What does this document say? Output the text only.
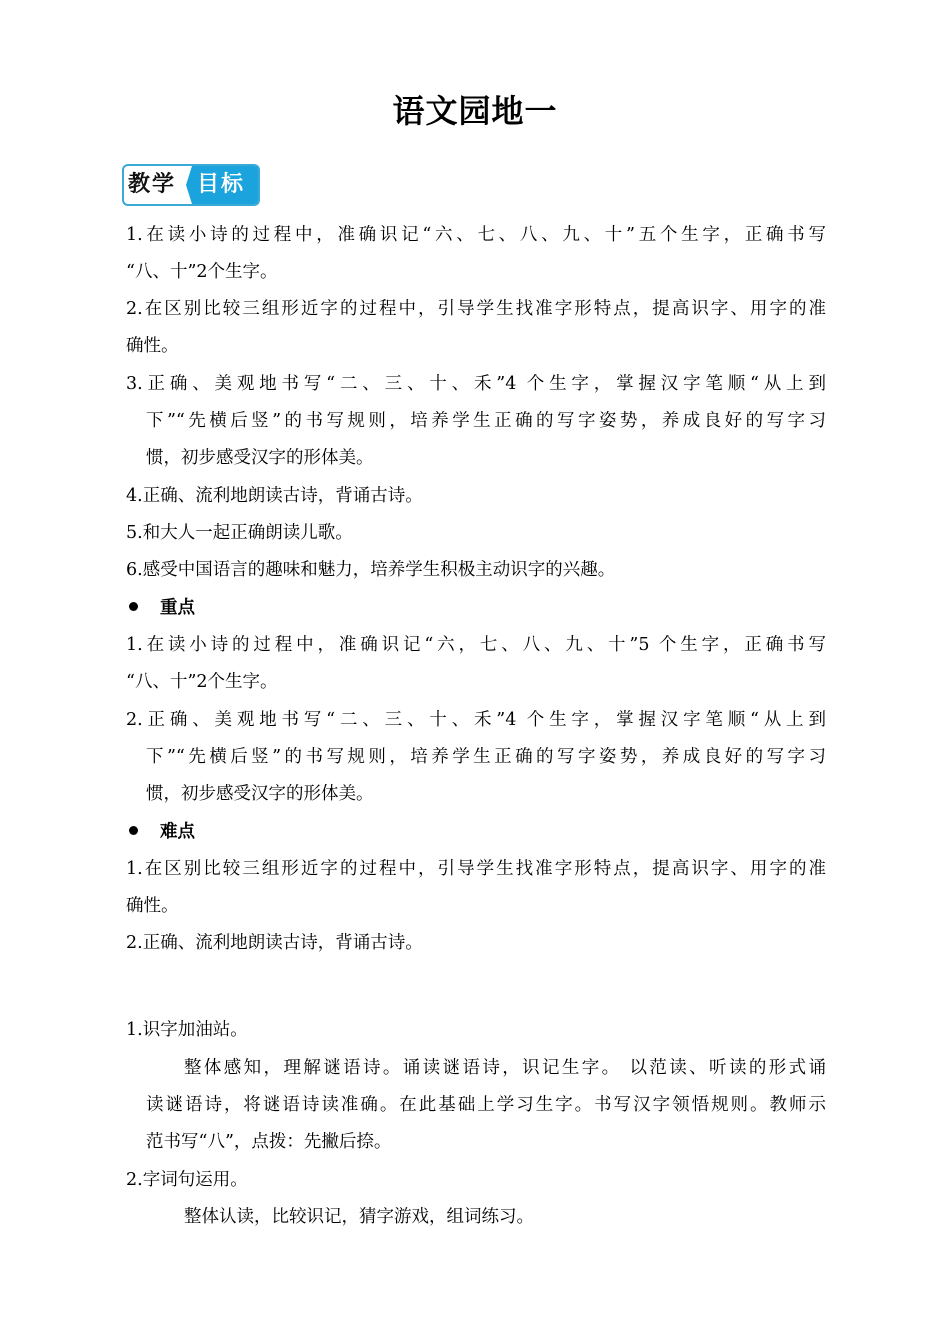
语文园地一
教学 目标
1.在读小诗的过程中，准确识记“六、七、八、九、十”五个生字，正确书写
“八、十”2个生字。
2.在区别比较三组形近字的过程中，引导学生找准字形特点，提高识字、用字的准
确性。
3.正确、美观地书写“二、三、十、禾”4 个生字，掌握汉字笔顺“从上到
下”“先横后竖”的书写规则，培养学生正确的写字姿势，养成良好的写字习
惯，初步感受汉字的形体美。
4.正确、流利地朗读古诗，背诵古诗。
5.和大人一起正确朗读儿歌。
6.感受中国语言的趣味和魅力，培养学生积极主动识字的兴趣。
重点
1.在读小诗的过程中，准确识记“六，七、八、九、十”5 个生字，正确书写
“八、十”2个生字。
2.正确、美观地书写“二、三、十、禾”4 个生字，掌握汉字笔顺“从上到
下”“先横后竖”的书写规则，培养学生正确的写字姿势，养成良好的写字习
惯，初步感受汉字的形体美。
难点
1.在区别比较三组形近字的过程中，引导学生找准字形特点，提高识字、用字的准
确性。
2.正确、流利地朗读古诗，背诵古诗。
1.识字加油站。
整体感知，理解谜语诗。诵读谜语诗，识记生字。 以范读、听读的形式诵
读谜语诗，将谜语诗读准确。在此基础上学习生字。书写汉字领悟规则。教师示
范书写“八”，点拨：先撇后捺。
2.字词句运用。
整体认读，比较识记，猜字游戏，组词练习。
